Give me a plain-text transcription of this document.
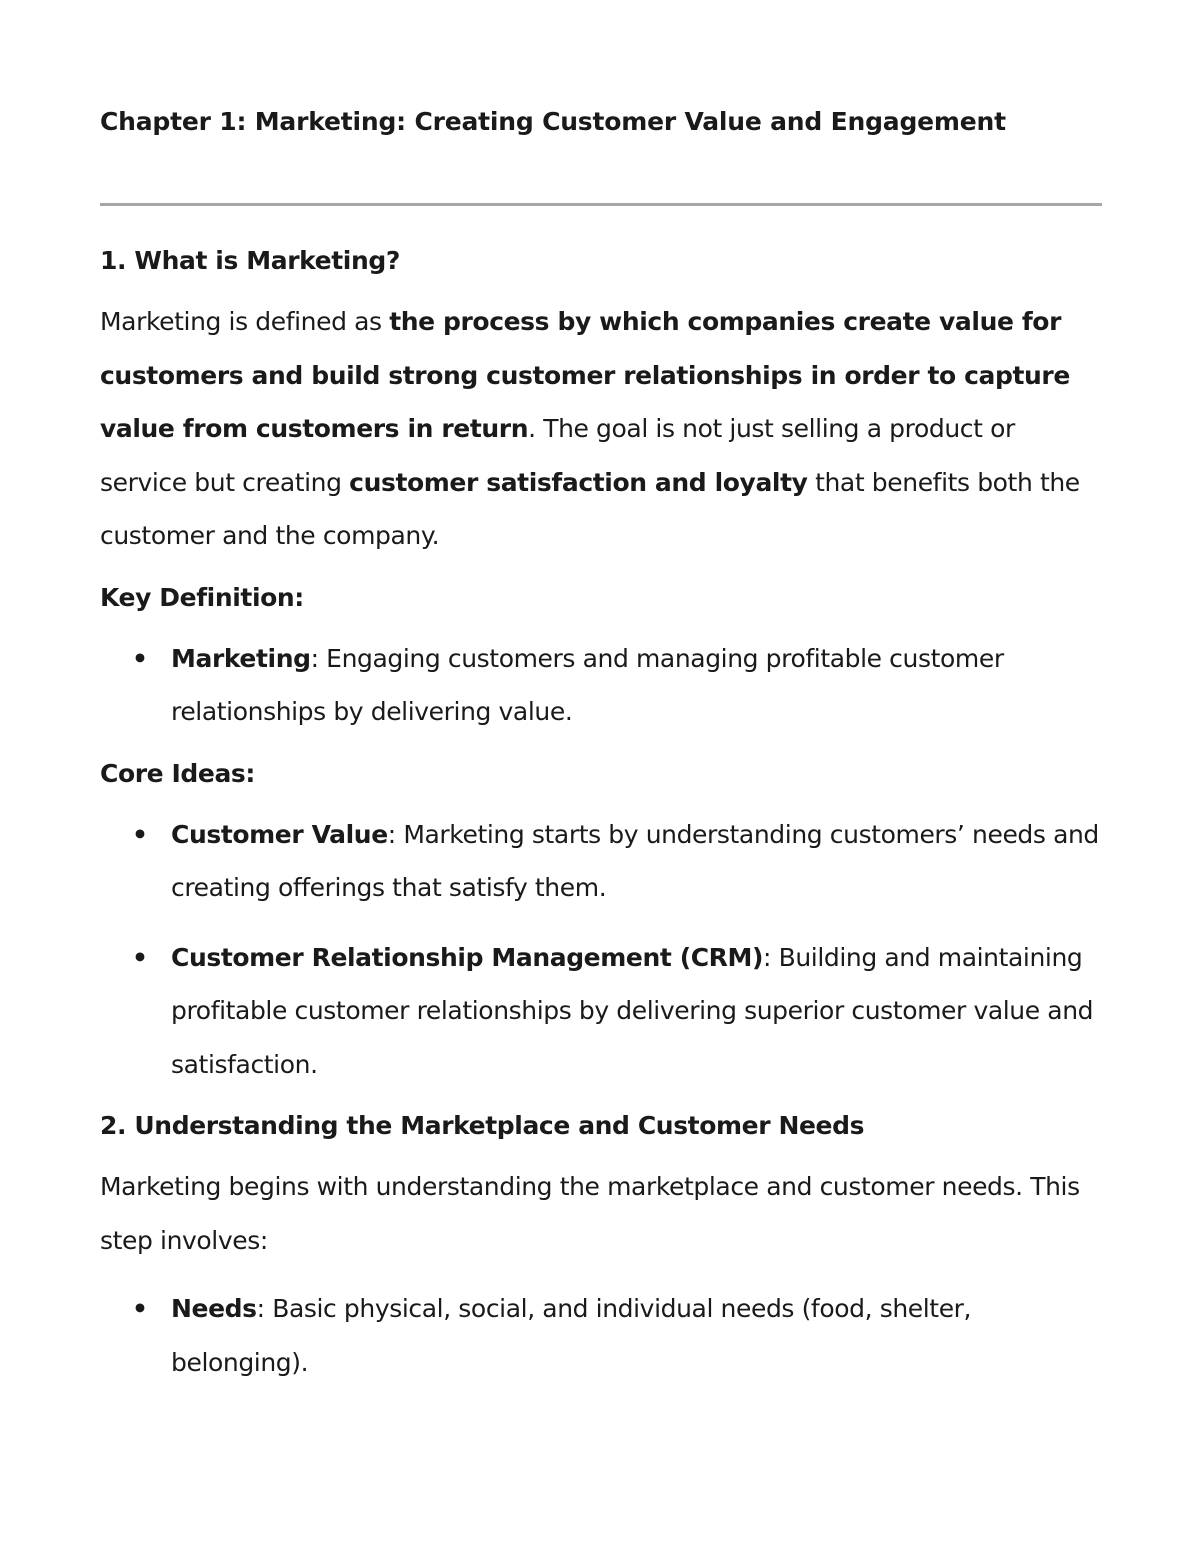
Chapter 1: Marketing: Creating Customer Value and Engagement
1. What is Marketing?

Marketing is defined as the process by which companies create value for customers and build strong customer relationships in order to capture value from customers in return. The goal is not just selling a product or service but creating customer satisfaction and loyalty that benefits both the customer and the company.

Key Definition:
• Marketing: Engaging customers and managing profitable customer relationships by delivering value.
Core Ideas:
• Customer Value: Marketing starts by understanding customers’ needs and creating offerings that satisfy them.
• Customer Relationship Management (CRM): Building and maintaining profitable customer relationships by delivering superior customer value and satisfaction.
2. Understanding the Marketplace and Customer Needs

Marketing begins with understanding the marketplace and customer needs. This step involves:

• Needs: Basic physical, social, and individual needs (food, shelter, belonging).
